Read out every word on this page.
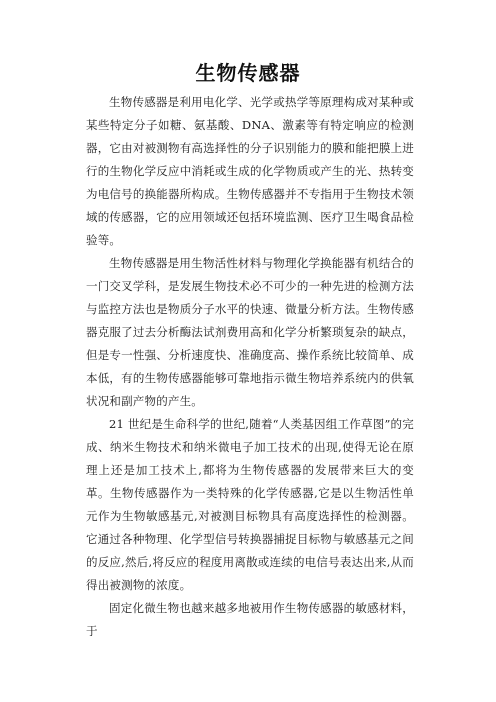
生物传感器

生物传感器是利用电化学、光学或热学等原理构成对某种或某些特定分子如糖、氨基酸、DNA、激素等有特定响应的检测器，它由对被测物有高选择性的分子识别能力的膜和能把膜上进行的生物化学反应中消耗或生成的化学物质或产生的光、热转变为电信号的换能器所构成。生物传感器并不专指用于生物技术领域的传感器，它的应用领域还包括环境监测、医疗卫生喝食品检验等。

生物传感器是用生物活性材料与物理化学换能器有机结合的一门交叉学科，是发展生物技术必不可少的一种先进的检测方法与监控方法也是物质分子水平的快速、微量分析方法。生物传感器克服了过去分析酶法试剂费用高和化学分析繁琐复杂的缺点，但是专一性强、分析速度快、准确度高、操作系统比较简单、成本低，有的生物传感器能够可靠地指示微生物培养系统内的供氧状况和副产物的产生。

21 世纪是生命科学的世纪,随着“人类基因组工作草图”的完成、纳米生物技术和纳米微电子加工技术的出现,使得无论在原理上还是加工技术上,都将为生物传感器的发展带来巨大的变革。生物传感器作为一类特殊的化学传感器,它是以生物活性单元作为生物敏感基元,对被测目标物具有高度选择性的检测器。它通过各种物理、化学型信号转换器捕捉目标物与敏感基元之间的反应,然后,将反应的程度用离散或连续的电信号表达出来,从而得出被测物的浓度。

固定化微生物也越来越多地被用作生物传感器的敏感材料，于
